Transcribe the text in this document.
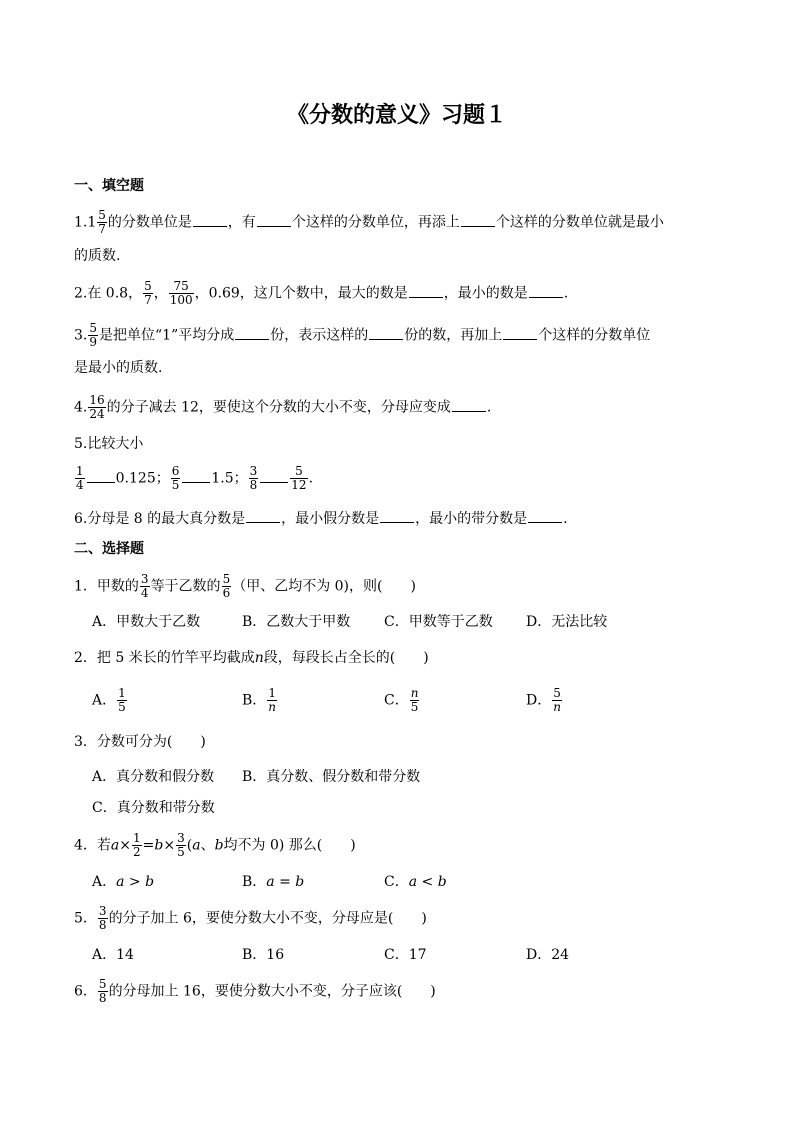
《分数的意义》习题１
一、填空题
$1.1 \frac{5}{7}$ 的分数单位是	，有	个这样的分数单位，再添上	个这样的分数单位就是最小
的质数.
2.在 0.8， $\frac{5}{7}$ ， $\frac{75}{100}$ ，0.69，这几个数中，最大的数是	，最小的数是	.
3. $\frac{5}{9}$ 是把单位“1”平均分成	份，表示这样的	份的数，再加上	个这样的分数单位
是最小的质数.
4. $\frac{16}{24}$ 的分子减去 12，要使这个分数的大小不变，分母应变成	.
5.比较大小
$\frac{1}{4} 0.125$； $\frac{6}{5} 1.5$； $\frac{3}{8}$	$\frac{5}{12}$ .
6.分母是 8 的最大真分数是	，最小假分数是	，最小的带分数是	.
二、选择题
1．甲数的 $\frac{3}{4}$ 等于乙数的 $\frac{5}{6}$ （甲、乙均不为 0)，则(　　)
A．甲数大于乙数	B．乙数大于甲数 C．甲数等于乙数 D．无法比较
2．把 5 米长的竹竿平均截成n段，每段长占全长的(　　)
A． $\frac{1}{5}$	B． $\frac{1}{n}$	C． $\frac{n}{5}$	D． $\frac{5}{n}$
3．分数可分为(　　)
A．真分数和假分数 B．真分数、假分数和带分数
C．真分数和带分数
4．若$a\times \frac{1}{2} =b\times \frac{3}{5} (a$、b均不为 0) 那么(　　)
A．a > b	B．a = b	C．a < b
5． $\frac{3}{8}$ 的分子加上 6，要使分数大小不变，分母应是(　　)
A．14	B．16	C．17	D．24
6． $\frac{5}{8}$ 的分母加上 16，要使分数大小不变，分子应该(　　)
